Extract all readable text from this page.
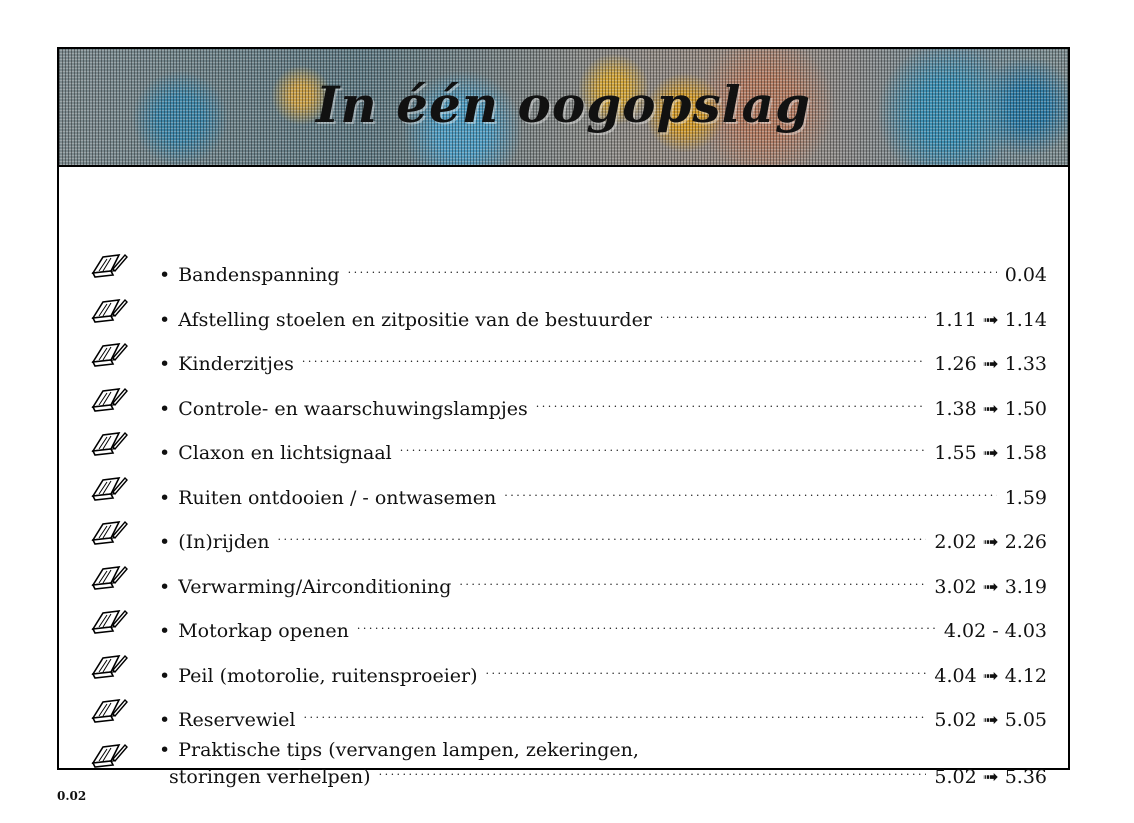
In één oogopslag
• Bandenspanning . . .	0.04
• Afstelling stoelen en zitpositie van de bestuurder . . .	1.11 ➟ 1.14
• Kinderzitjes . . .	1.26 ➟ 1.33
• Controle- en waarschuwingslampjes . . .	1.38 ➟ 1.50
• Claxon en lichtsignaal . . .	1.55 ➟ 1.58
• Ruiten ontdooien / - ontwasemen . . .	1.59
• (In)rijden . . .	2.02 ➟ 2.26
• Verwarming/Airconditioning . . .	3.02 ➟ 3.19
• Motorkap openen . . .	4.02 - 4.03
• Peil (motorolie, ruitensproeier) . . .	4.04 ➟ 4.12
• Reservewiel . . .	5.02 ➟ 5.05
• Praktische tips (vervangen lampen, zekeringen,
storingen verhelpen) . . .	5.02 ➟ 5.36
0.02
